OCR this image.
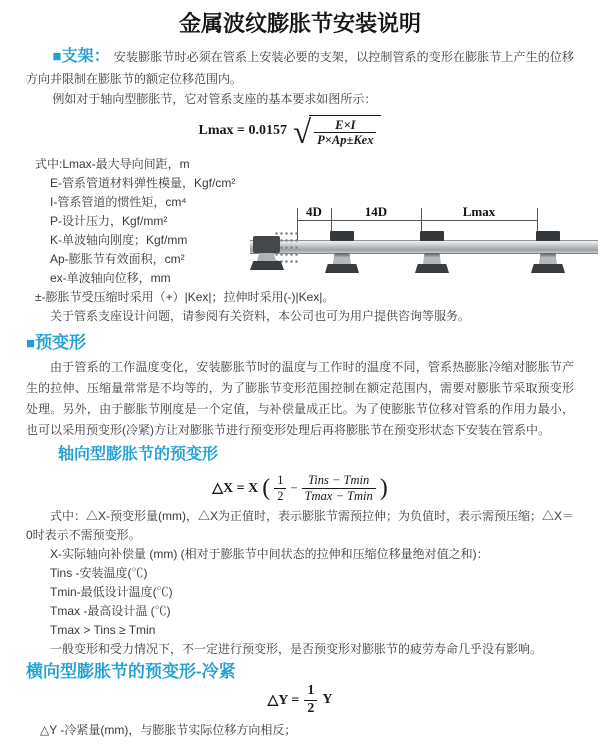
金属波纹膨胀节安装说明

■支架： 安装膨胀节时必须在管系上安装必要的支架，以控制管系的变形在膨胀节上产生的位移方向并限制在膨胀节的额定位移范围内。

例如对于轴向型膨胀节，它对管系支座的基本要求如图所示：
Lmax = 0.0157 √ $\frac{E\times I}{\text{P×Ap±Kex}}$
式中:Lmax-最大导向间距，m
E-管系管道材料弹性模量，Kgf/cm²
I-管系管道的惯性矩，cm⁴
P-设计压力，Kgf/mm²
K-单波轴向刚度；Kgf/mm
Ap-膨胀节有效面积，cm²
ex-单波轴向位移，mm
±-膨胀节受压缩时采用（+）|Kex|；拉伸时采用(-)|Kex|。
关于管系支座设计问题，请参阅有关资料，本公司也可为用户提供咨询等服务。
4D	14D	Lmax
■预变形

由于管系的工作温度变化，安装膨胀节时的温度与工作时的温度不同，管系热膨胀冷缩对膨胀节产生的拉伸、压缩量常常是不均等的，为了膨胀节变形范围控制在额定范围内，需要对膨胀节采取预变形处理。另外，由于膨胀节刚度是一个定值，与补偿量成正比。为了使膨胀节位移对管系的作用力最小，也可以采用预变形(冷紧)方让对膨胀节进行预变形处理后再将膨胀节在预变形状态下安装在管系中。

轴向型膨胀节的预变形
△X = X ( $\frac{1}{2} - \frac{\text{Tins − Tmin}}{Tmax - Tmin}$ )
式中：△X-预变形量(mm)，△X为正值时，表示膨胀节需预拉伸；为负值时，表示需预压缩；△X＝0时表示不需预变形。
X-实际轴向补偿量 (mm) (相对于膨胀节中间状态的拉伸和压缩位移量绝对值之和)：
Tins -安装温度(℃)
Tmin-最低设计温度(℃)
Tmax -最高设计温 (℃)
Tmax > Tins ≥ Tmin
一般变形和受力情况下，不一定进行预变形，是否预变形对膨胀节的疲劳寿命几乎没有影响。
横向型膨胀节的预变形-冷紧
△Y = $\frac{1}{2}$ Y
△Y -冷紧量(mm)，与膨胀节实际位移方向相反；
